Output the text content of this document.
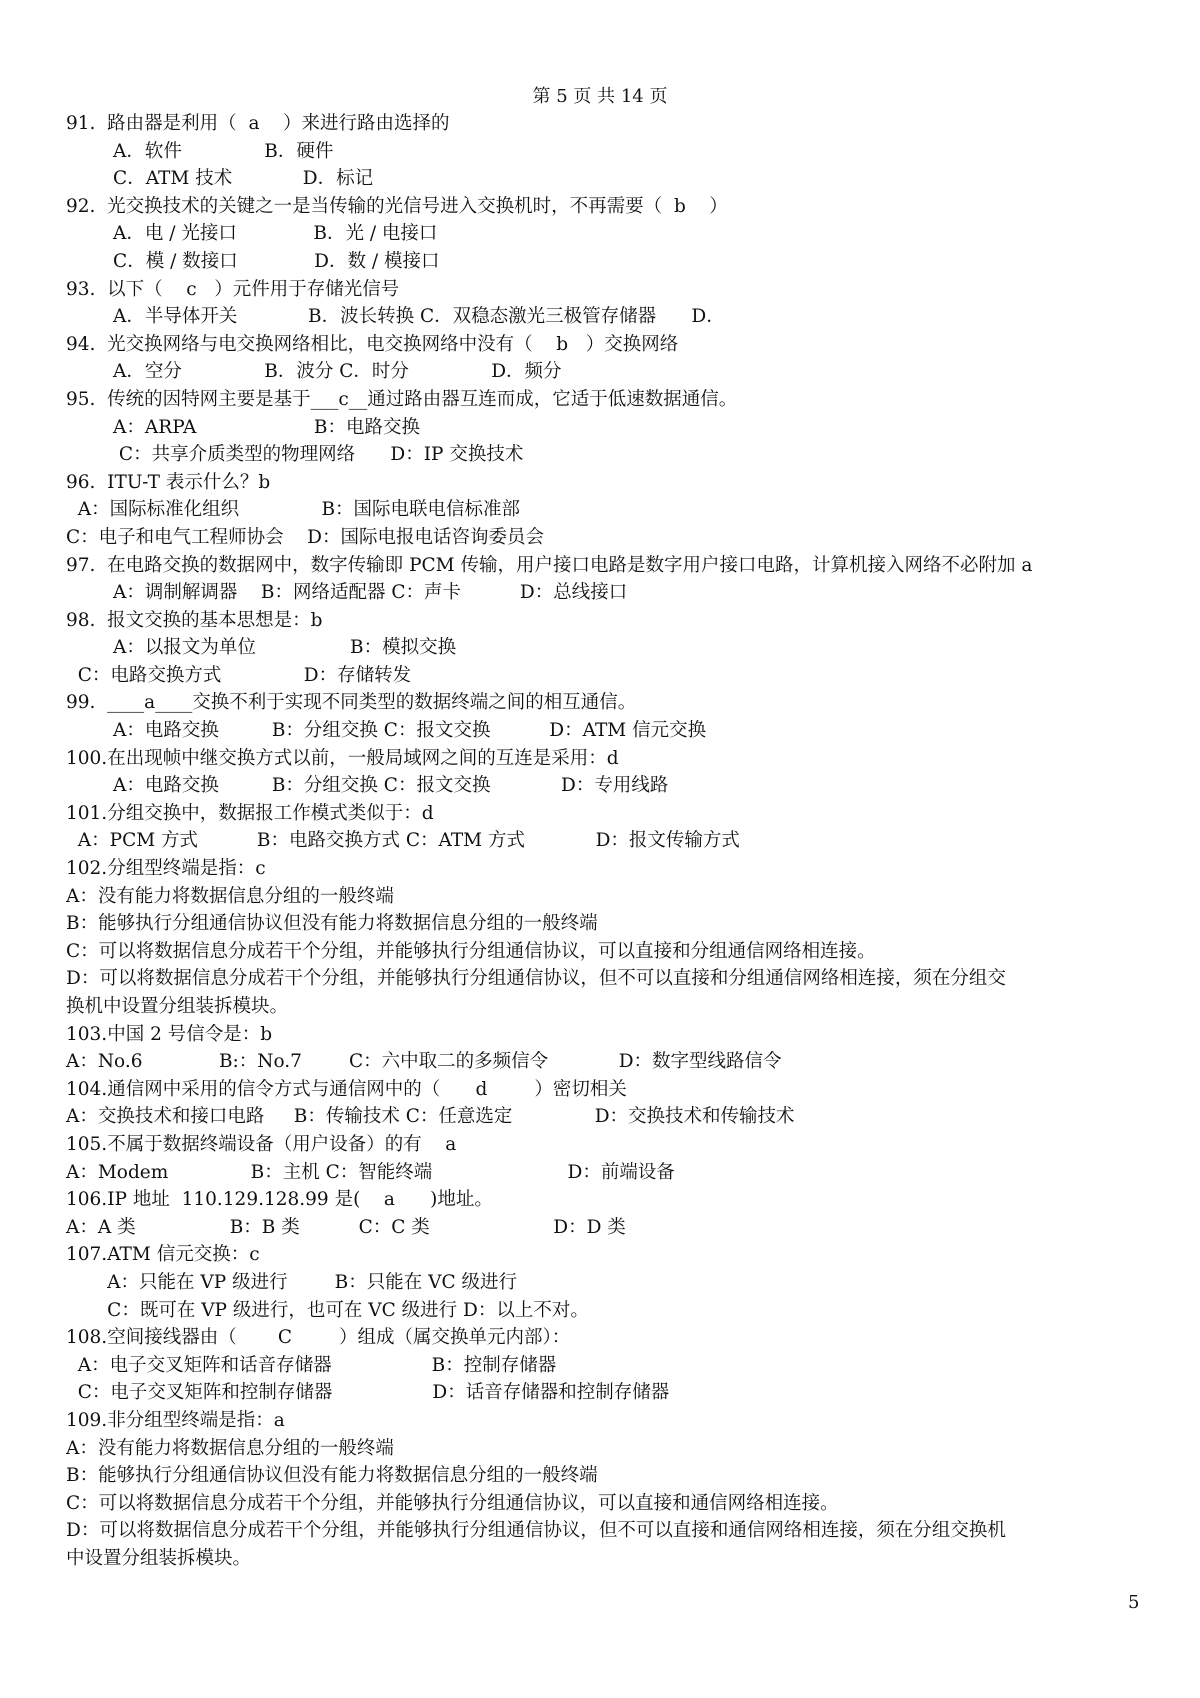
第 5 页 共 14 页
91.  路由器是利用（  a    ）来进行路由选择的
A．软件              B．硬件
C．ATM 技术            D．标记
92.  光交换技术的关键之一是当传输的光信号进入交换机时，不再需要（  b    ）
A．电 / 光接口             B．光 / 电接口
C．模 / 数接口             D．数 / 模接口
93.  以下（    c   ）元件用于存储光信号
A．半导体开关            B．波长转换 C．双稳态激光三极管存储器      D．
94.  光交换网络与电交换网络相比，电交换网络中没有（    b   ）交换网络
A．空分              B．波分 C．时分              D．频分
95.  传统的因特网主要是基于___c__通过路由器互连而成，它适于低速数据通信。
A：ARPA                    B：电路交换
C：共享介质类型的物理网络      D：IP 交换技术
96.  ITU-T 表示什么？b
A：国际标准化组织              B：国际电联电信标准部
C：电子和电气工程师协会    D：国际电报电话咨询委员会
97.  在电路交换的数据网中，数字传输即 PCM 传输，用户接口电路是数字用户接口电路，计算机接入网络不必附加 a
A：调制解调器    B：网络适配器 C：声卡          D：总线接口
98.  报文交换的基本思想是：b
A：以报文为单位                B：模拟交换
C：电路交换方式              D：存储转发
99.  ____a____交换不利于实现不同类型的数据终端之间的相互通信。
A：电路交换         B：分组交换 C：报文交换          D：ATM 信元交换
100.在出现帧中继交换方式以前，一般局域网之间的互连是采用：d
A：电路交换         B：分组交换 C：报文交换            D：专用线路
101.分组交换中，数据报工作模式类似于：d
A：PCM 方式          B：电路交换方式 C：ATM 方式            D：报文传输方式
102.分组型终端是指：c
A：没有能力将数据信息分组的一般终端
B：能够执行分组通信协议但没有能力将数据信息分组的一般终端
C：可以将数据信息分成若干个分组，并能够执行分组通信协议，可以直接和分组通信网络相连接。
D：可以将数据信息分成若干个分组，并能够执行分组通信协议，但不可以直接和分组通信网络相连接，须在分组交
换机中设置分组装拆模块。
103.中国 2 号信令是：b
A：No.6             B:：No.7        C：六中取二的多频信令            D：数字型线路信令
104.通信网中采用的信令方式与通信网中的（      d        ）密切相关
A：交换技术和接口电路     B：传输技术 C：任意选定              D：交换技术和传输技术
105.不属于数据终端设备（用户设备）的有    a
A：Modem              B：主机 C：智能终端                       D：前端设备
106.IP 地址  110.129.128.99 是(    a      )地址。
A：A 类                B：B 类          C：C 类                     D：D 类
107.ATM 信元交换：c
A：只能在 VP 级进行        B：只能在 VC 级进行
C：既可在 VP 级进行，也可在 VC 级进行 D：以上不对。
108.空间接线器由（       C        ）组成（属交换单元内部）：
A：电子交叉矩阵和话音存储器                 B：控制存储器
C：电子交叉矩阵和控制存储器                 D：话音存储器和控制存储器
109.非分组型终端是指：a
A：没有能力将数据信息分组的一般终端
B：能够执行分组通信协议但没有能力将数据信息分组的一般终端
C：可以将数据信息分成若干个分组，并能够执行分组通信协议，可以直接和通信网络相连接。
D：可以将数据信息分成若干个分组，并能够执行分组通信协议，但不可以直接和通信网络相连接，须在分组交换机
中设置分组装拆模块。
5
